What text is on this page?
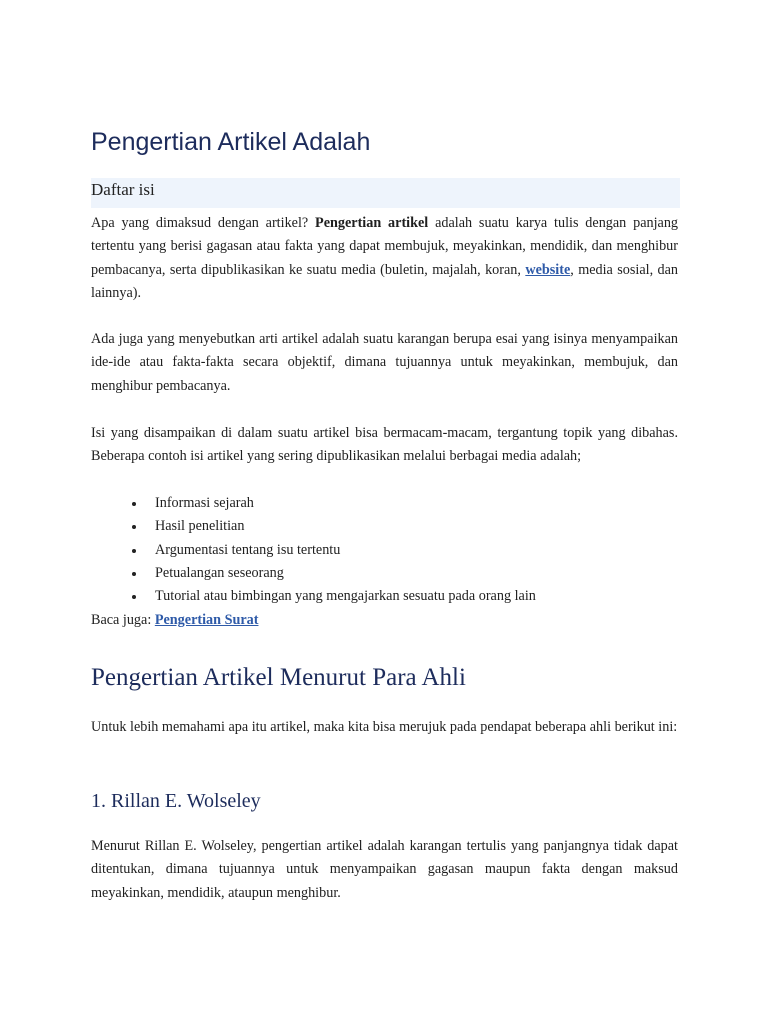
Pengertian Artikel Adalah
Daftar isi

Apa yang dimaksud dengan artikel? Pengertian artikel adalah suatu karya tulis dengan panjang tertentu yang berisi gagasan atau fakta yang dapat membujuk, meyakinkan, mendidik, dan menghibur pembacanya, serta dipublikasikan ke suatu media (buletin, majalah, koran, website, media sosial, dan lainnya).

Ada juga yang menyebutkan arti artikel adalah suatu karangan berupa esai yang isinya menyampaikan ide-ide atau fakta-fakta secara objektif, dimana tujuannya untuk meyakinkan, membujuk, dan menghibur pembacanya.

Isi yang disampaikan di dalam suatu artikel bisa bermacam-macam, tergantung topik yang dibahas. Beberapa contoh isi artikel yang sering dipublikasikan melalui berbagai media adalah;

Informasi sejarah
Hasil penelitian
Argumentasi tentang isu tertentu
Petualangan seseorang
Tutorial atau bimbingan yang mengajarkan sesuatu pada orang lain
Baca juga: Pengertian Surat
Pengertian Artikel Menurut Para Ahli

Untuk lebih memahami apa itu artikel, maka kita bisa merujuk pada pendapat beberapa ahli berikut ini:

1. Rillan E. Wolseley

Menurut Rillan E. Wolseley, pengertian artikel adalah karangan tertulis yang panjangnya tidak dapat ditentukan, dimana tujuannya untuk menyampaikan gagasan maupun fakta dengan maksud meyakinkan, mendidik, ataupun menghibur.
